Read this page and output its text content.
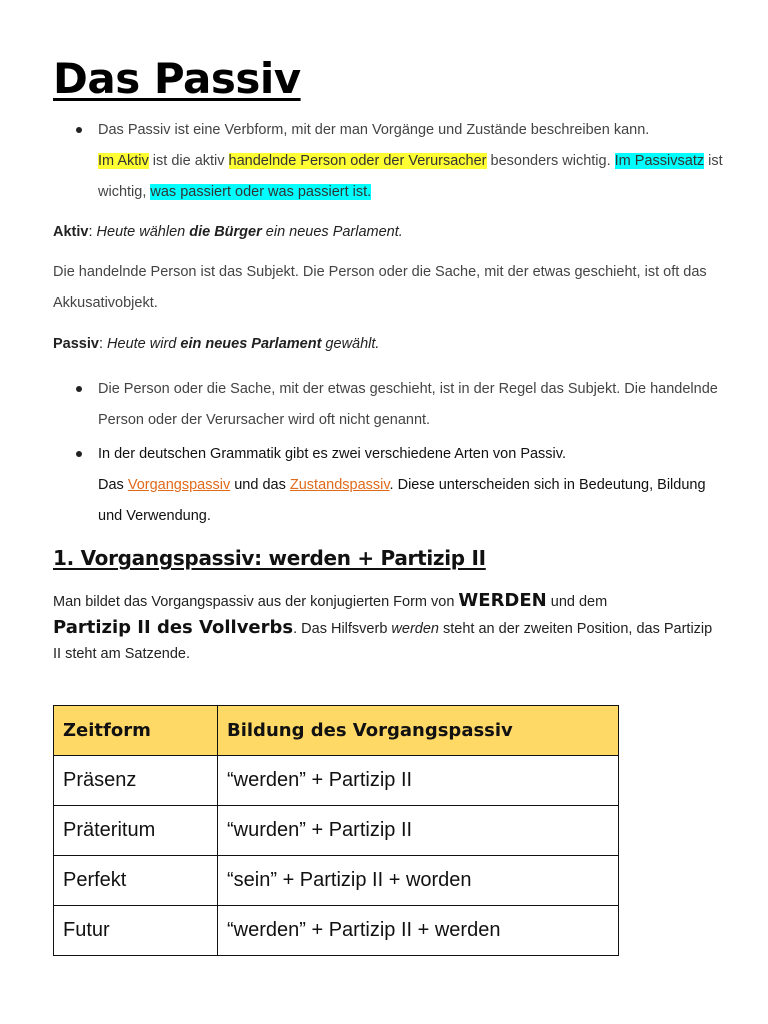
Das Passiv

Das Passiv ist eine Verbform, mit der man Vorgänge und Zustände beschreiben kann.
Im Aktiv ist die aktiv handelnde Person oder der Verursacher besonders wichtig. Im Passivsatz ist wichtig, was passiert oder was passiert ist.

Aktiv: Heute wählen die Bürger ein neues Parlament.

Die handelnde Person ist das Subjekt. Die Person oder die Sache, mit der etwas geschieht, ist oft das Akkusativobjekt.

Passiv: Heute wird ein neues Parlament gewählt.

Die Person oder die Sache, mit der etwas geschieht, ist in der Regel das Subjekt. Die handelnde Person oder der Verursacher wird oft nicht genannt.

In der deutschen Grammatik gibt es zwei verschiedene Arten von Passiv.
Das Vorgangspassiv und das Zustandspassiv. Diese unterscheiden sich in Bedeutung, Bildung und Verwendung.

1. Vorgangspassiv: werden + Partizip II

Man bildet das Vorgangspassiv aus der konjugierten Form von WERDEN und dem
Partizip II des Vollverbs. Das Hilfsverb werden steht an der zweiten Position, das Partizip II steht am Satzende.

Zeitform	Bildung des Vorgangspassiv
Präsenz	“werden” + Partizip II
Präteritum	“wurden” + Partizip II
Perfekt	“sein” + Partizip II + worden
Futur	“werden” + Partizip II + werden
